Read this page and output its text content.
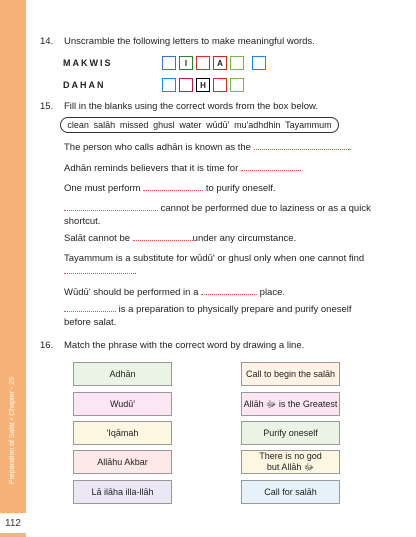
Preparation of Salāt • Chapter - 25
112
14. Unscramble the following letters to make meaningful words.
MAKWIS	I	A
DAHAN	H
15. Fill in the blanks using the correct words from the box below.
clean salāh missed ghusl water wūdū' mu'adhdhin Tayammum
The person who calls adhān is known as the	.
Adhān reminds believers that it is time for	.
One must perform	to purify oneself.
cannot be performed due to laziness or as a quick
shortcut.
Salāt cannot be	under any circumstance.
Tayammum is a substitute for wūdū' or ghusl only when one cannot find
.
Wūdū' should be performed in a	place.
is a preparation to physically prepare and purify oneself
before salat.
16. Match the phrase with the correct word by drawing a line.
Adhān
Wudū'
'Iqāmah
Allāhu Akbar
Lā ilāha illa-llāh
Call to begin the salāh
Allāh ﷻ is the Greatest
Purify oneself
There is no god but Allāh ﷻ
Call for salāh
